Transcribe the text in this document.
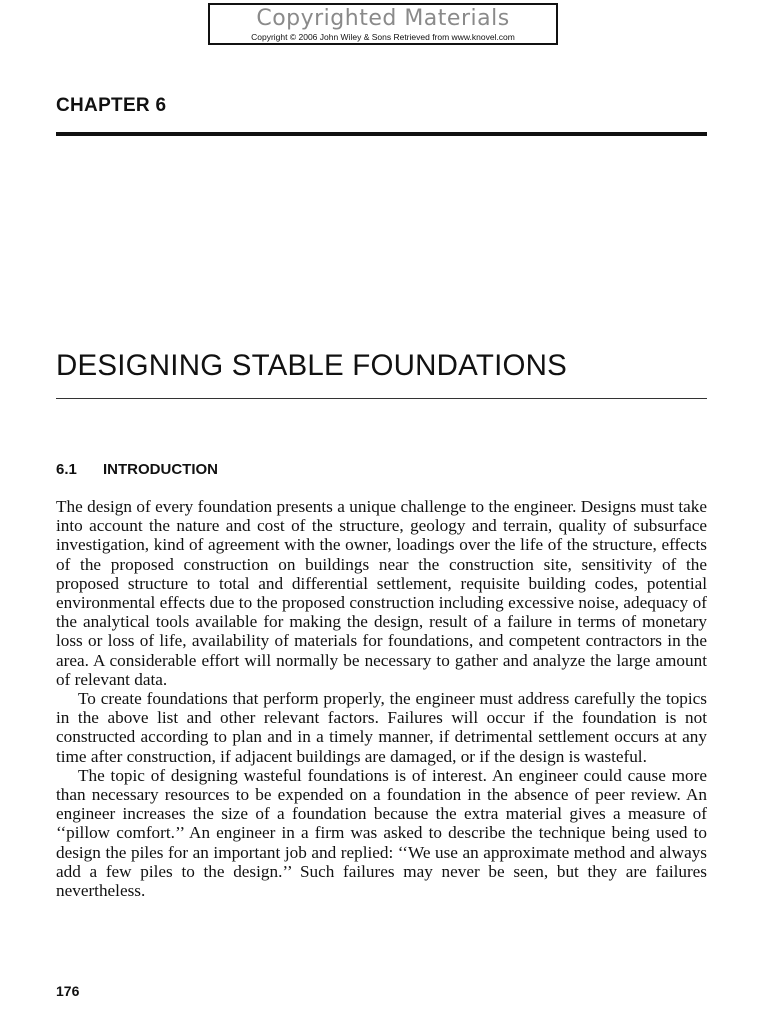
Copyrighted Materials
Copyright © 2006 John Wiley & Sons Retrieved from www.knovel.com
CHAPTER 6
DESIGNING STABLE FOUNDATIONS
6.1 INTRODUCTION

The design of every foundation presents a unique challenge to the engineer. Designs must take into account the nature and cost of the structure, geology and terrain, quality of subsurface investigation, kind of agreement with the owner, loadings over the life of the structure, effects of the proposed construction on buildings near the construction site, sensitivity of the proposed structure to total and differential settlement, requisite building codes, potential environmental effects due to the proposed construction including excessive noise, adequacy of the analytical tools available for making the design, result of a failure in terms of monetary loss or loss of life, availability of materials for foundations, and competent contractors in the area. A considerable effort will normally be necessary to gather and analyze the large amount of relevant data.

To create foundations that perform properly, the engineer must address carefully the topics in the above list and other relevant factors. Failures will occur if the foundation is not constructed according to plan and in a timely manner, if detrimental settlement occurs at any time after construction, if adjacent buildings are damaged, or if the design is wasteful.

The topic of designing wasteful foundations is of interest. An engineer could cause more than necessary resources to be expended on a foundation in the absence of peer review. An engineer increases the size of a foundation because the extra material gives a measure of ‘‘pillow comfort.’’ An engineer in a firm was asked to describe the technique being used to design the piles for an important job and replied: ‘‘We use an approximate method and always add a few piles to the design.’’ Such failures may never be seen, but they are failures nevertheless.

176
